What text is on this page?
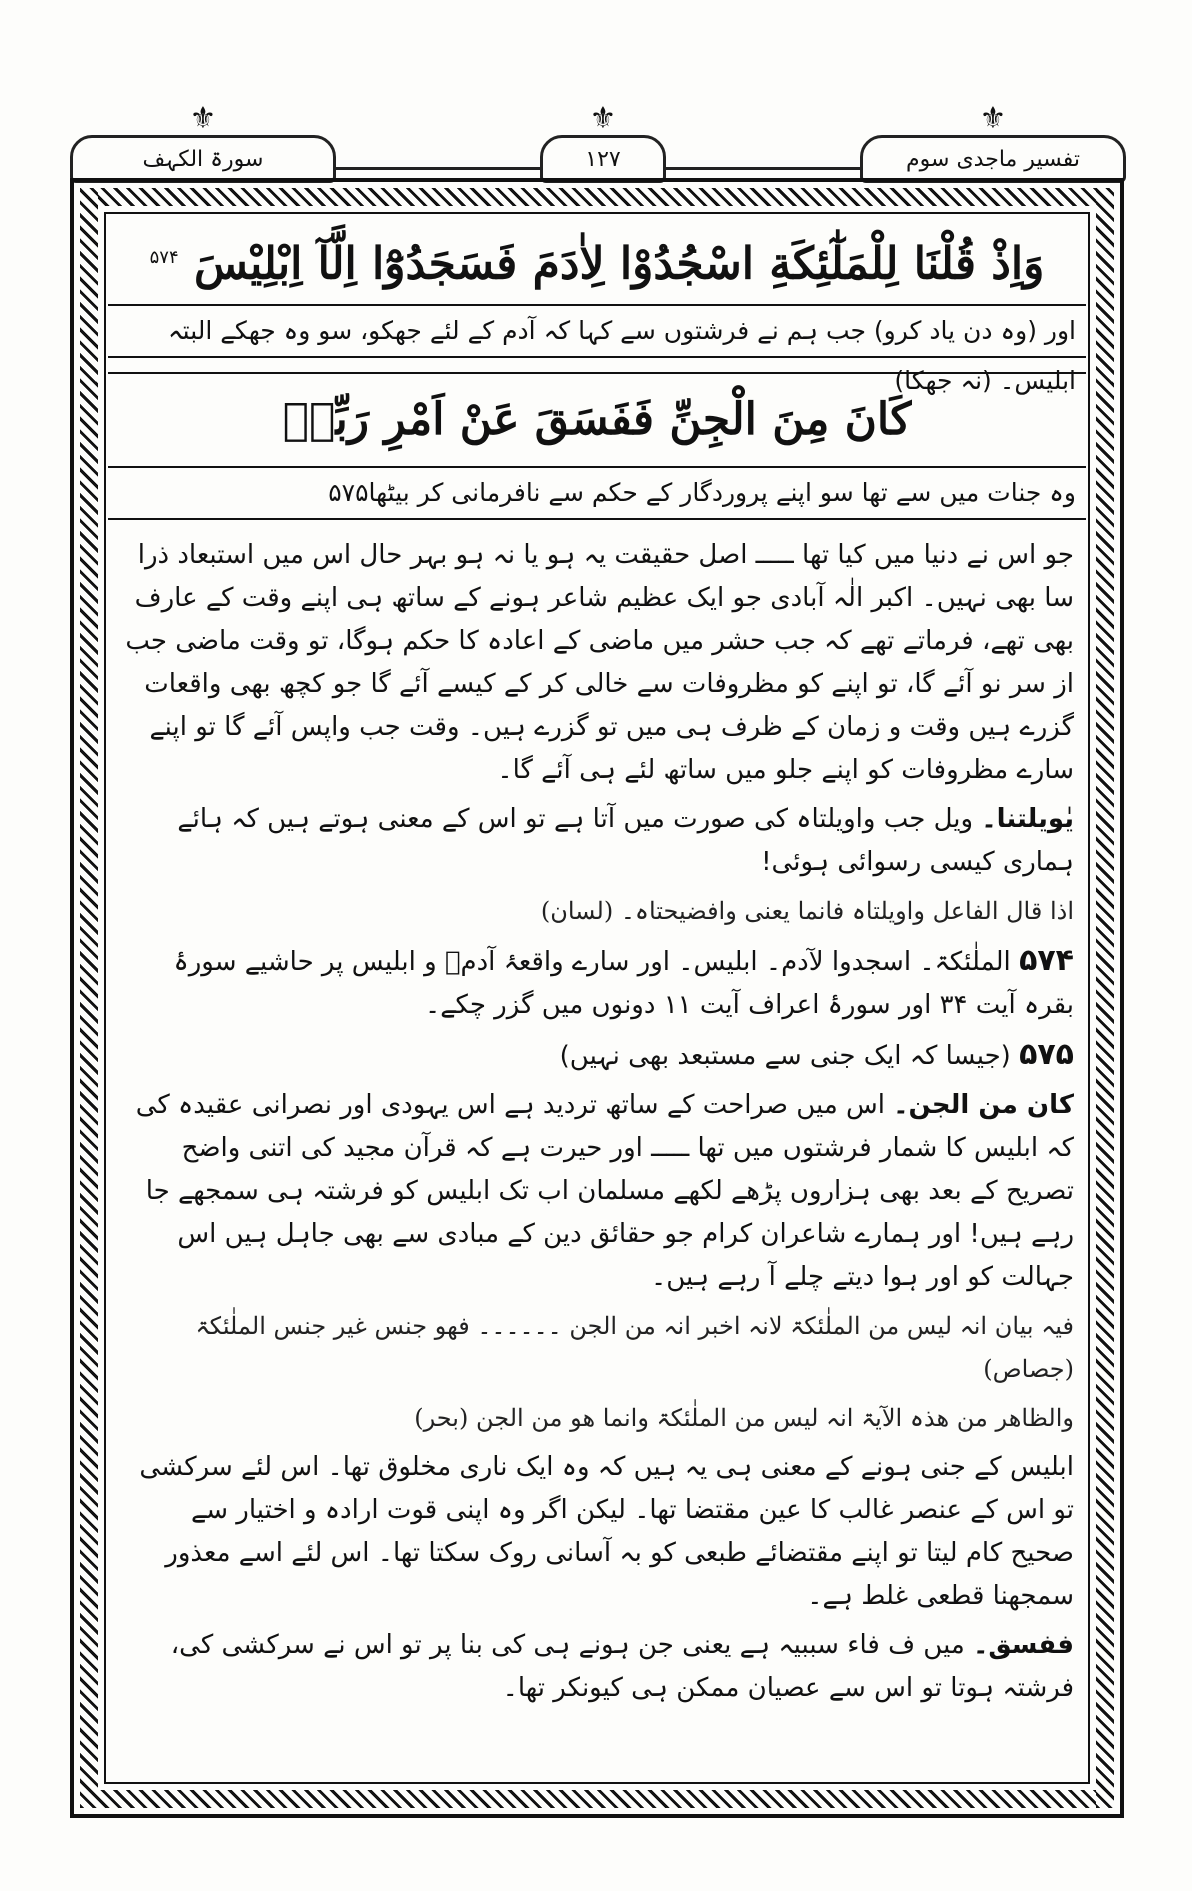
⚜
سورۃ الکہف
⚜
۱۲۷
⚜
تفسیر ماجدی سوم
وَاِذْ قُلْنَا لِلْمَلٰٓئِكَةِ اسْجُدُوْا لِاٰدَمَ فَسَجَدُوْٓا اِلَّآ اِبْلِيْسَ $^{۵۷۴}$
اور (وہ دن یاد کرو) جب ہم نے فرشتوں سے کہا کہ آدم کے لئے جھکو، سو وہ جھکے البتہ ابلیس۔ (نہ جھکا)
كَانَ مِنَ الْجِنِّ فَفَسَقَ عَنْ اَمْرِ رَبِّهٖ
وہ جنات میں سے تھا سو اپنے پروردگار کے حکم سے نافرمانی کر بیٹھا۵۷۵

جو اس نے دنیا میں کیا تھا ـــــ اصل حقیقت یہ ہو یا نہ ہو بہر حال اس میں استبعاد ذرا سا بھی نہیں۔ اکبر الٰہ آبادی جو ایک عظیم شاعر ہونے کے ساتھ ہی اپنے وقت کے عارف بھی تھے، فرماتے تھے کہ جب حشر میں ماضی کے اعادہ کا حکم ہوگا، تو وقت ماضی جب از سر نو آئے گا، تو اپنے کو مظروفات سے خالی کر کے کیسے آئے گا جو کچھ بھی واقعات گزرے ہیں وقت و زمان کے ظرف ہی میں تو گزرے ہیں۔ وقت جب واپس آئے گا تو اپنے سارے مظروفات کو اپنے جلو میں ساتھ لئے ہی آئے گا۔

یٰویلتنا۔ ویل جب واویلتاہ کی صورت میں آتا ہے تو اس کے معنی ہوتے ہیں کہ ہائے ہماری کیسی رسوائی ہوئی!

اذا قال الفاعل واویلتاہ فانما یعنی وافضیحتاہ۔ (لسان)

۵۷۴ الملٰئکۃ۔ اسجدوا لآدم۔ ابلیس۔ اور سارے واقعۂ آدمؑ و ابلیس پر حاشیے سورۂ بقرہ آیت ۳۴ اور سورۂ اعراف آیت ۱۱ دونوں میں گزر چکے۔

۵۷۵ (جیسا کہ ایک جنی سے مستبعد بھی نہیں)

کان من الجن۔ اس میں صراحت کے ساتھ تردید ہے اس یہودی اور نصرانی عقیدہ کی کہ ابلیس کا شمار فرشتوں میں تھا ـــــ اور حیرت ہے کہ قرآن مجید کی اتنی واضح تصریح کے بعد بھی ہزاروں پڑھے لکھے مسلمان اب تک ابلیس کو فرشتہ ہی سمجھے جا رہے ہیں! اور ہمارے شاعران کرام جو حقائق دین کے مبادی سے بھی جاہل ہیں اس جہالت کو اور ہوا دیتے چلے آ رہے ہیں۔

فیہ بیان انہ لیس من الملٰئکۃ لانہ اخبر انہ من الجن ۔۔۔۔۔۔ فھو جنس غیر جنس الملٰئکۃ (جصاص)

والظاھر من ھذہ الآیۃ انہ لیس من الملٰئکۃ وانما ھو من الجن (بحر)

ابلیس کے جنی ہونے کے معنی ہی یہ ہیں کہ وہ ایک ناری مخلوق تھا۔ اس لئے سرکشی تو اس کے عنصر غالب کا عین مقتضا تھا۔ لیکن اگر وہ اپنی قوت ارادہ و اختیار سے صحیح کام لیتا تو اپنے مقتضائے طبعی کو بہ آسانی روک سکتا تھا۔ اس لئے اسے معذور سمجھنا قطعی غلط ہے۔

ففسق۔ میں ف فاء سببیہ ہے یعنی جن ہونے ہی کی بنا پر تو اس نے سرکشی کی، فرشتہ ہوتا تو اس سے عصیان ممکن ہی کیونکر تھا۔
